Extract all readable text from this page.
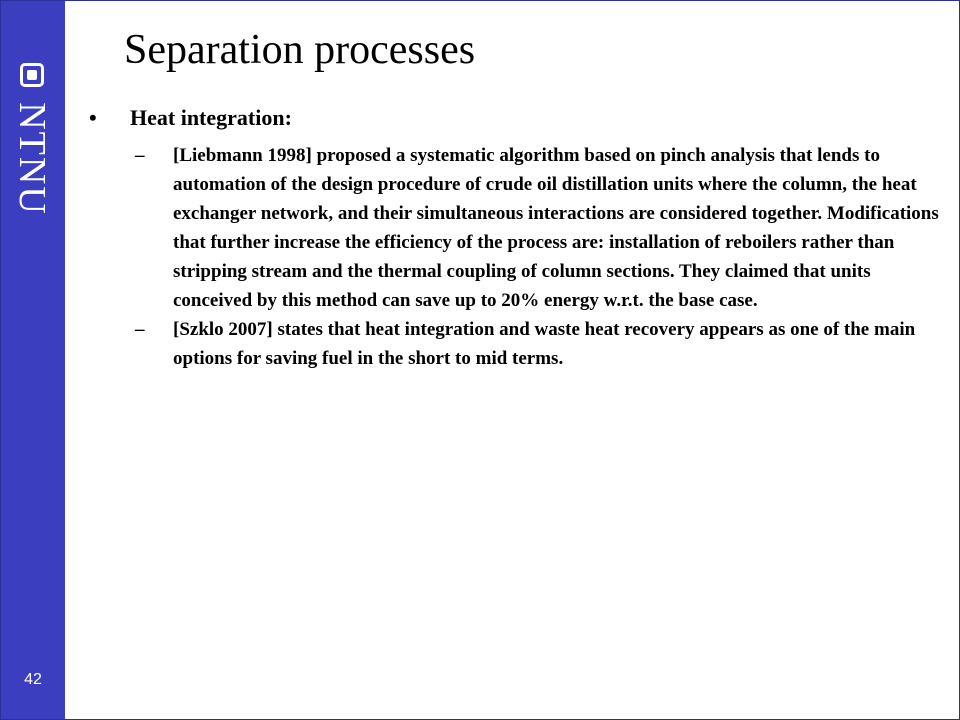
NTNU
42
Separation processes
• Heat integration:
– [Liebmann 1998] proposed a systematic algorithm based on pinch analysis that lends to automation of the design procedure of crude oil distillation units where the column, the heat exchanger network, and their simultaneous interactions are considered together. Modifications that further increase the efficiency of the process are: installation of reboilers rather than stripping stream and the thermal coupling of column sections. They claimed that units conceived by this method can save up to 20% energy w.r.t. the base case.
– [Szklo 2007] states that heat integration and waste heat recovery appears as one of the main options for saving fuel in the short to mid terms.
